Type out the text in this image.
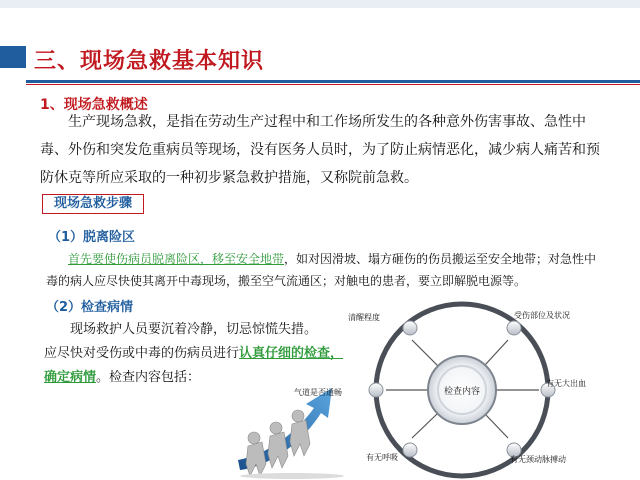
三、现场急救基本知识
1、现场急救概述
生产现场急救，是指在劳动生产过程中和工作场所发生的各种意外伤害事故、急性中毒、外伤和突发危重病员等现场，没有医务人员时，为了防止病情恶化，减少病人痛苦和预防休克等所应采取的一种初步紧急救护措施，又称院前急救。
现场急救步骤
（1）脱离险区
首先要使伤病员脱离险区，移至安全地带，如对因滑坡、塌方砸伤的伤员搬运至安全地带；对急性中毒的病人应尽快使其离开中毒现场，搬至空气流通区；对触电的患者，要立即解脱电源等。
（2）检查病情
现场救护人员要沉着冷静，切忌惊慌失措。
应尽快对受伤或中毒的伤病员进行认真仔细的检查，确定病情。检查内容包括：
检查内容
清醒程度	受伤部位及状况
有无大出血
有无颈动脉搏动
有无呼吸
气道是否通畅
